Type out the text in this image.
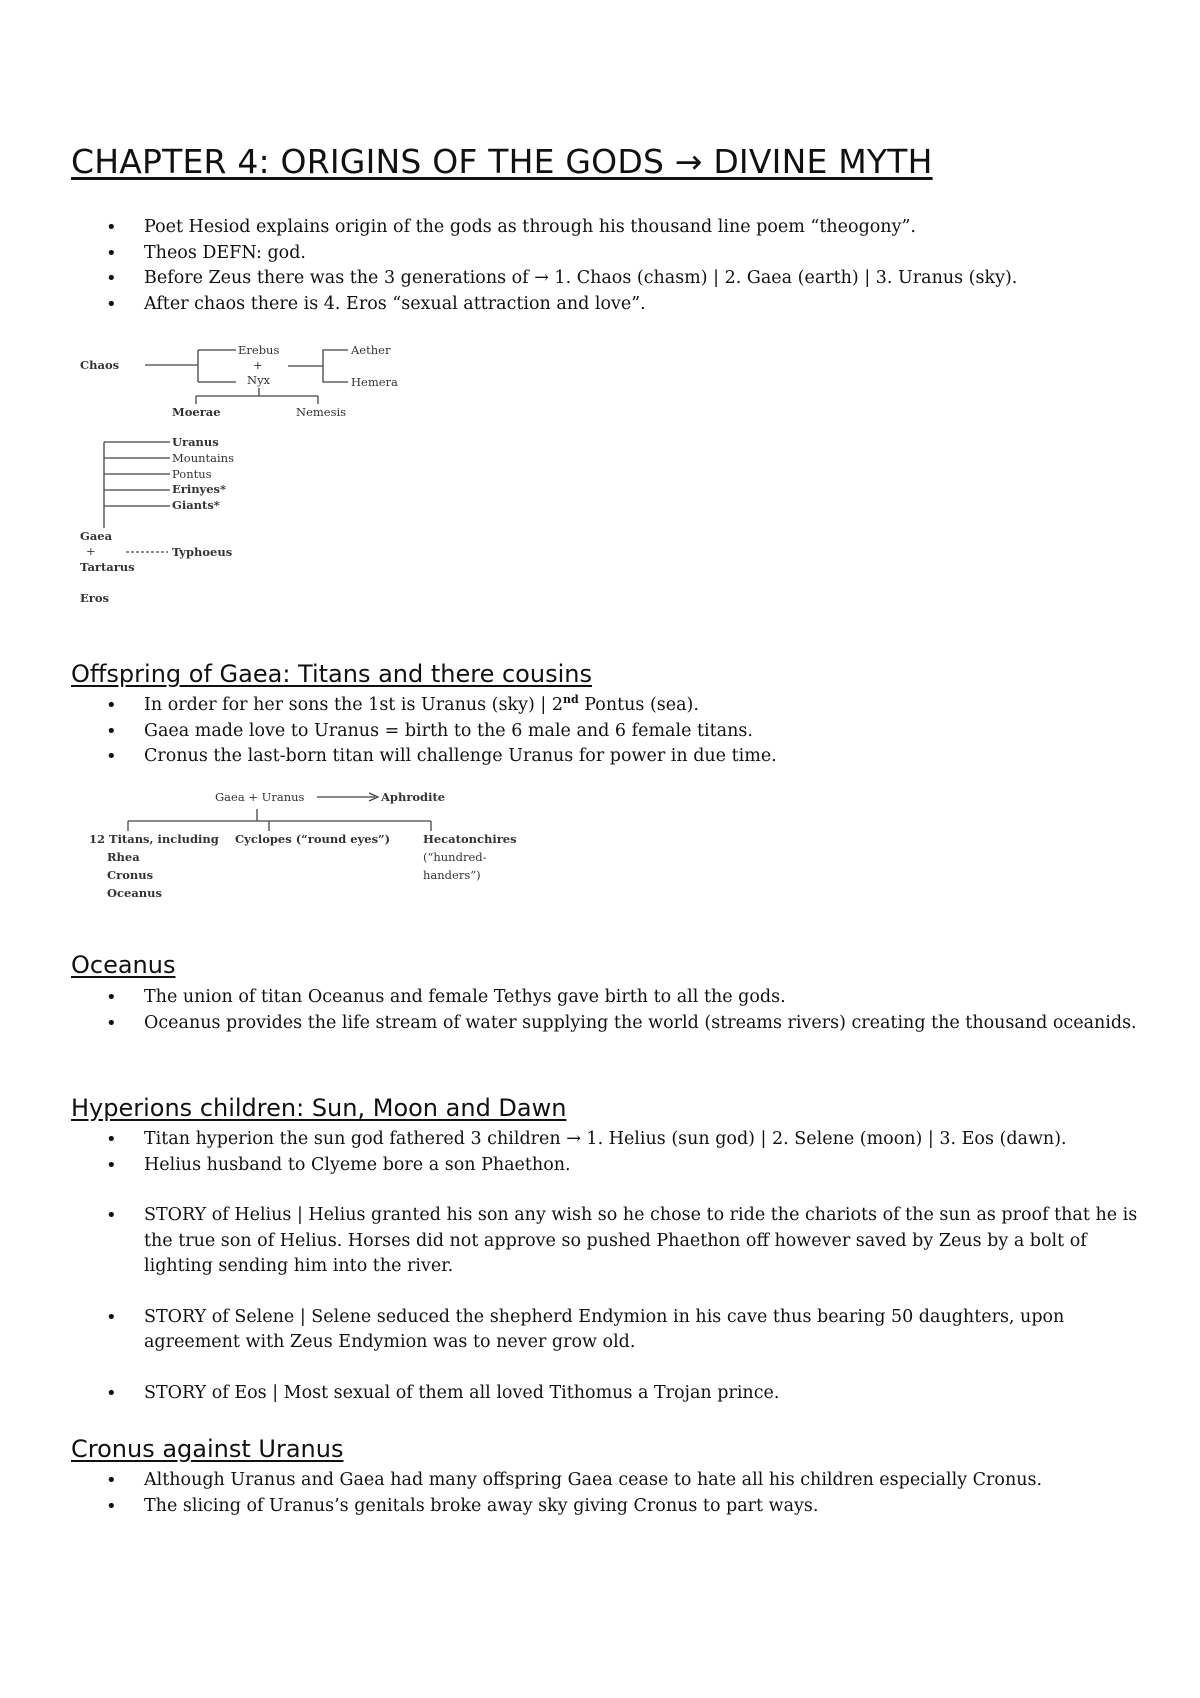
CHAPTER 4: ORIGINS OF THE GODS → DIVINE MYTH
• Poet Hesiod explains origin of the gods as through his thousand line poem “theogony”.
• Theos DEFN: god.
• Before Zeus there was the 3 generations of → 1. Chaos (chasm) | 2. Gaea (earth) | 3. Uranus (sky).
• After chaos there is 4. Eros “sexual attraction and love”.
Chaos
Erebus
+
Nyx
Aether
Hemera
Moerae	Nemesis
Uranus
Mountains
Pontus
Erinyes*
Giants*
Gaea
+	Typhoeus
Tartarus
Eros
Offspring of Gaea: Titans and there cousins
• In order for her sons the 1st is Uranus (sky) | 2nd Pontus (sea).
• Gaea made love to Uranus = birth to the 6 male and 6 female titans.
• Cronus the last-born titan will challenge Uranus for power in due time.
Gaea + Uranus	Aphrodite
12 Titans, including
Rhea
Cronus
Oceanus
Cyclopes (“round eyes”)	Hecatonchires
(“hundred-
handers”)
Oceanus
• The union of titan Oceanus and female Tethys gave birth to all the gods.
• Oceanus provides the life stream of water supplying the world (streams rivers) creating the thousand oceanids.
Hyperions children: Sun, Moon and Dawn
• Titan hyperion the sun god fathered 3 children → 1. Helius (sun god) | 2. Selene (moon) | 3. Eos (dawn).
• Helius husband to Clyeme bore a son Phaethon.
• STORY of Helius | Helius granted his son any wish so he chose to ride the chariots of the sun as proof that he is the true son of Helius. Horses did not approve so pushed Phaethon off however saved by Zeus by a bolt of lighting sending him into the river.
• STORY of Selene | Selene seduced the shepherd Endymion in his cave thus bearing 50 daughters, upon agreement with Zeus Endymion was to never grow old.
• STORY of Eos | Most sexual of them all loved Tithomus a Trojan prince.
Cronus against Uranus
• Although Uranus and Gaea had many offspring Gaea cease to hate all his children especially Cronus.
• The slicing of Uranus’s genitals broke away sky giving Cronus to part ways.
